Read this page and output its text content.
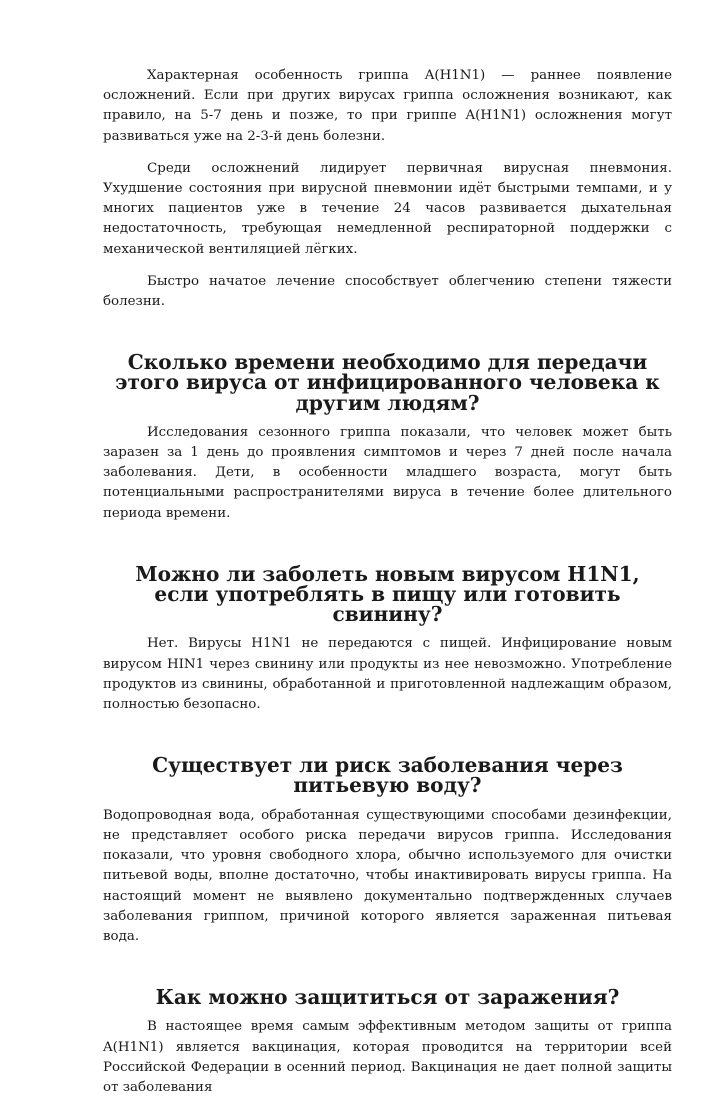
Характерная особенность гриппа A(H1N1) — раннее появление осложнений. Если при других вирусах гриппа осложнения возникают, как правило, на 5-7 день и позже, то при гриппе A(H1N1) осложнения могут развиваться уже на 2-3-й день болезни.

Среди осложнений лидирует первичная вирусная пневмония. Ухудшение состояния при вирусной пневмонии идёт быстрыми темпами, и у многих пациентов уже в течение 24 часов развивается дыхательная недостаточность, требующая немедленной респираторной поддержки с механической вентиляцией лёгких.

Быстро начатое лечение способствует облегчению степени тяжести болезни.

Сколько времени необходимо для передачи этого вируса от инфицированного человека к другим людям?

Исследования сезонного гриппа показали, что человек может быть заразен за 1 день до проявления симптомов и через 7 дней после начала заболевания. Дети, в особенности младшего возраста, могут быть потенциальными распространителями вируса в течение более длительного периода времени.

Можно ли заболеть новым вирусом H1N1, если употреблять в пищу или готовить свинину?

Нет. Вирусы H1N1 не передаются с пищей. Инфицирование новым вирусом HIN1 через свинину или продукты из нее невозможно. Употребление продуктов из свинины, обработанной и приготовленной надлежащим образом, полностью безопасно.

Существует ли риск заболевания через питьевую воду?

Водопроводная вода, обработанная существующими способами дезинфекции, не представляет особого риска передачи вирусов гриппа. Исследования показали, что уровня свободного хлора, обычно используемого для очистки питьевой воды, вполне достаточно, чтобы инактивировать вирусы гриппа. На настоящий момент не выявлено документально подтвержденных случаев заболевания гриппом, причиной которого является зараженная питьевая вода.

Как можно защититься от заражения?

В настоящее время самым эффективным методом защиты от гриппа A(H1N1) является вакцинация, которая проводится на территории всей Российской Федерации в осенний период. Вакцинация не дает полной защиты от заболевания
